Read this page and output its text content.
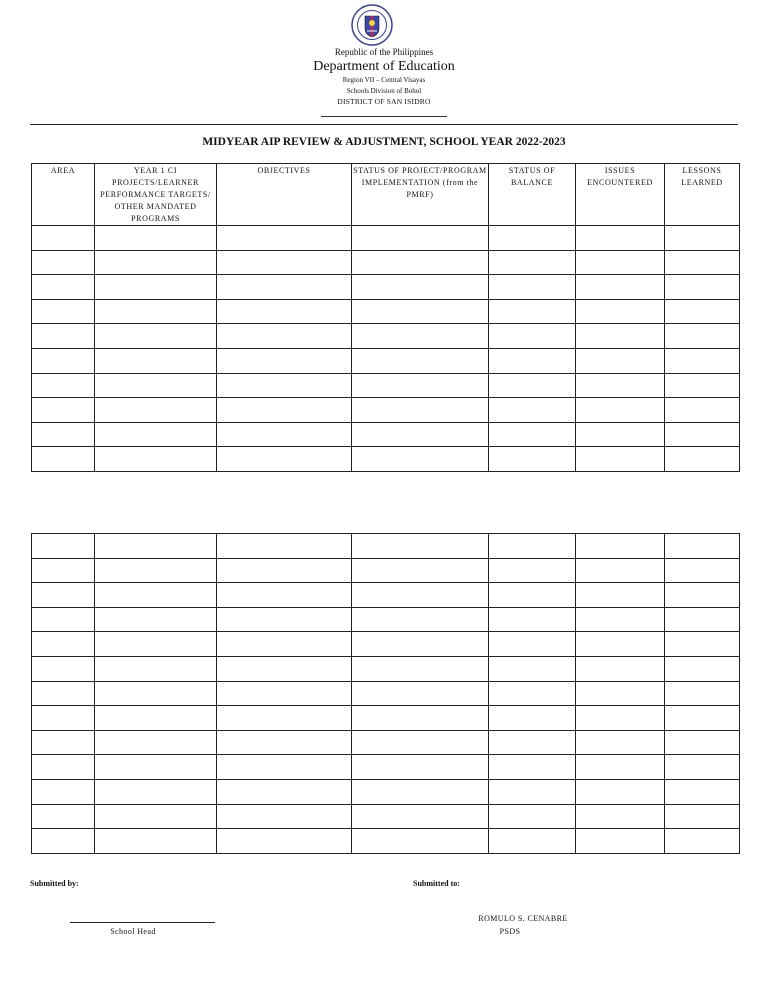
Republic of the Philippines
Department of Education
Region VII – Central Visayas
Schools Division of Bohol
DISTRICT OF SAN ISIDRO
MIDYEAR AIP REVIEW & ADJUSTMENT, SCHOOL YEAR 2022-2023
AREA	YEAR 1 CI PROJECTS/LEARNER PERFORMANCE TARGETS/ OTHER MANDATED PROGRAMS	OBJECTIVES	STATUS OF PROJECT/PROGRAM IMPLEMENTATION (from the PMRF)	STATUS OF BALANCE	ISSUES ENCOUNTERED	LESSONS LEARNED

Submitted by:	Submitted to:
School Head
ROMULO S. CENABRE
PSDS
